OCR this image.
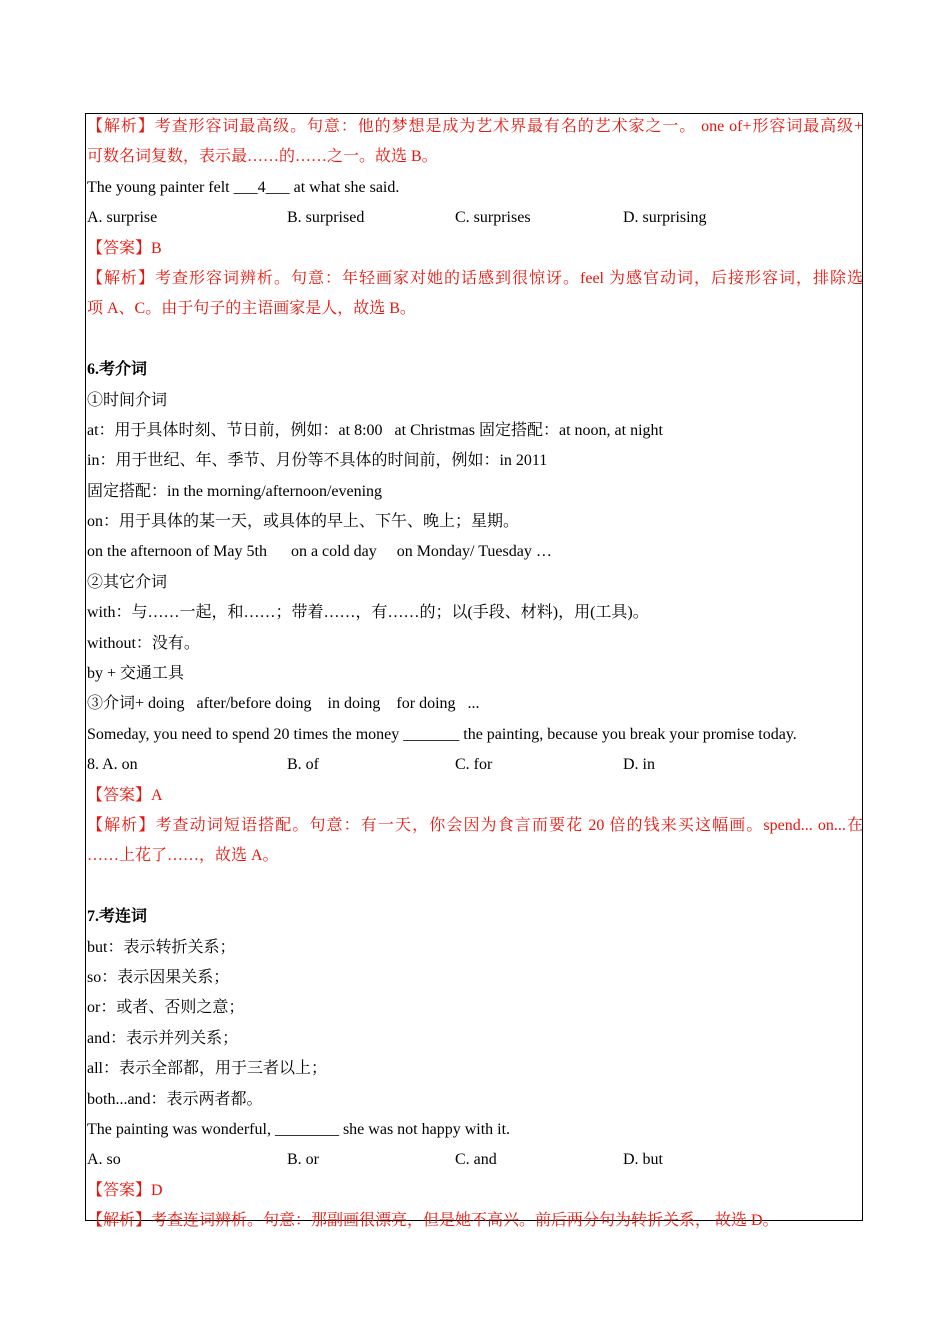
【解析】考查形容词最高级。句意：他的梦想是成为艺术界最有名的艺术家之一。 one of+形容词最高级+
可数名词复数，表示最……的……之一。故选 B。
The young painter felt ___4___ at what she said.
A. surprise	B. surprised	C. surprises	D. surprising
【答案】B
【解析】考查形容词辨析。句意：年轻画家对她的话感到很惊讶。feel 为感官动词，后接形容词，排除选
项 A、C。由于句子的主语画家是人，故选 B。
6.考介词
①时间介词
at：用于具体时刻、节日前，例如：at 8:00   at Christmas 固定搭配：at noon, at night
in：用于世纪、年、季节、月份等不具体的时间前，例如：in 2011
固定搭配：in the morning/afternoon/evening
on：用于具体的某一天，或具体的早上、下午、晚上；星期。
on the afternoon of May 5th      on a cold day     on Monday/ Tuesday …
②其它介词
with：与……一起，和……；带着……，有……的；以(手段、材料)，用(工具)。
without：没有。
by + 交通工具
③介词+ doing   after/before doing    in doing    for doing   ...
Someday, you need to spend 20 times the money _______ the painting, because you break your promise today.
8. A. on	B. of	C. for	D. in
【答案】A
【解析】考查动词短语搭配。句意：有一天，你会因为食言而要花 20 倍的钱来买这幅画。spend... on...在
……上花了……，故选 A。
7.考连词
but：表示转折关系；
so：表示因果关系；
or：或者、否则之意；
and：表示并列关系；
all：表示全部都，用于三者以上；
both...and：表示两者都。
The painting was wonderful, ________ she was not happy with it.
A. so	B. or	C. and	D. but
【答案】D
【解析】考查连词辨析。句意：那副画很漂亮，但是她不高兴。前后两分句为转折关系， 故选 D。
